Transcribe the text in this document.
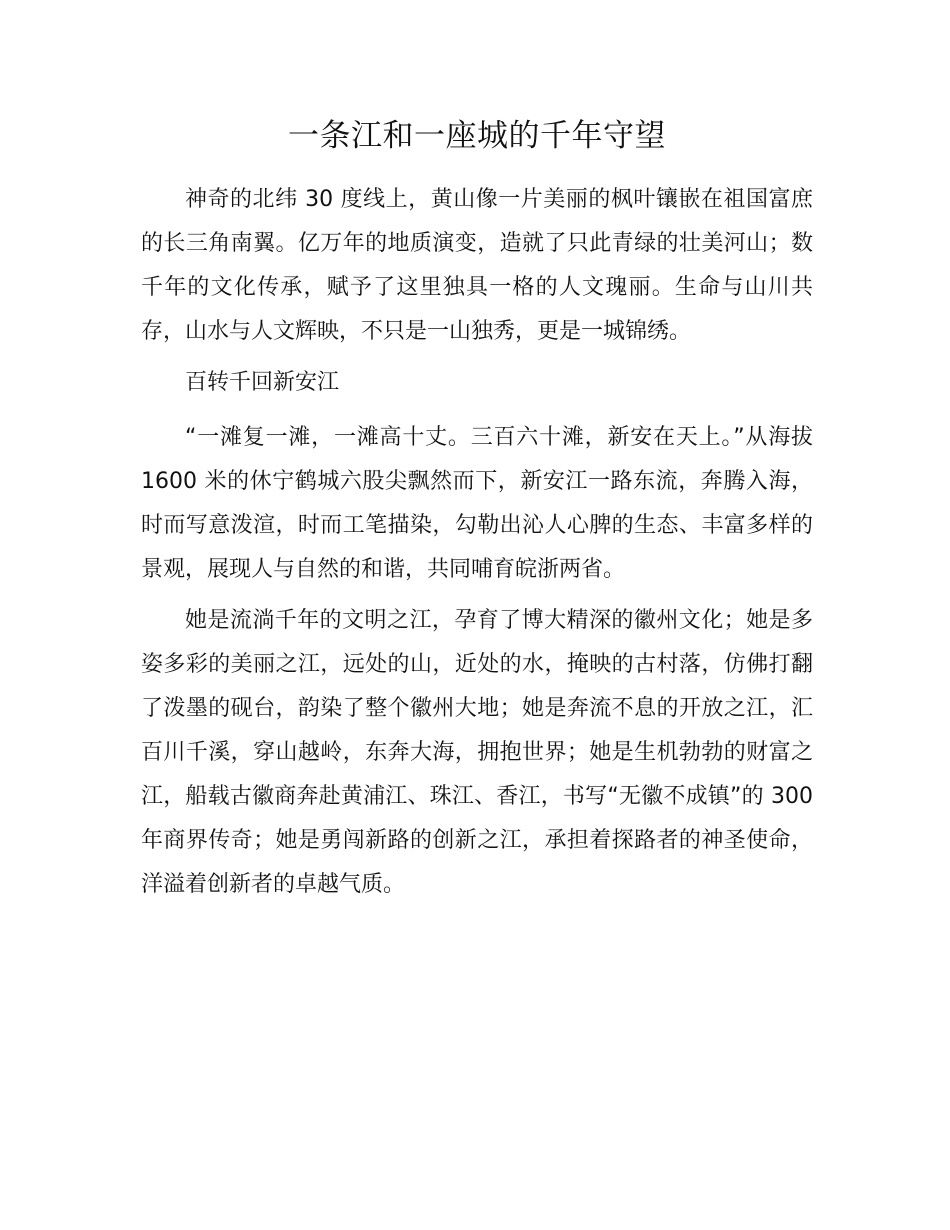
一条江和一座城的千年守望

神奇的北纬 30 度线上，黄山像一片美丽的枫叶镶嵌在祖国富庶的长三角南翼。亿万年的地质演变，造就了只此青绿的壮美河山；数千年的文化传承，赋予了这里独具一格的人文瑰丽。生命与山川共存，山水与人文辉映，不只是一山独秀，更是一城锦绣。

百转千回新安江

“一滩复一滩，一滩高十丈。三百六十滩，新安在天上。”从海拔 1600 米的休宁鹤城六股尖飘然而下，新安江一路东流，奔腾入海，时而写意泼渲，时而工笔描染，勾勒出沁人心脾的生态、丰富多样的景观，展现人与自然的和谐，共同哺育皖浙两省。

她是流淌千年的文明之江，孕育了博大精深的徽州文化；她是多姿多彩的美丽之江，远处的山，近处的水，掩映的古村落，仿佛打翻了泼墨的砚台，韵染了整个徽州大地；她是奔流不息的开放之江，汇百川千溪，穿山越岭，东奔大海，拥抱世界；她是生机勃勃的财富之江，船载古徽商奔赴黄浦江、珠江、香江，书写“无徽不成镇”的 300 年商界传奇；她是勇闯新路的创新之江，承担着探路者的神圣使命，洋溢着创新者的卓越气质。
